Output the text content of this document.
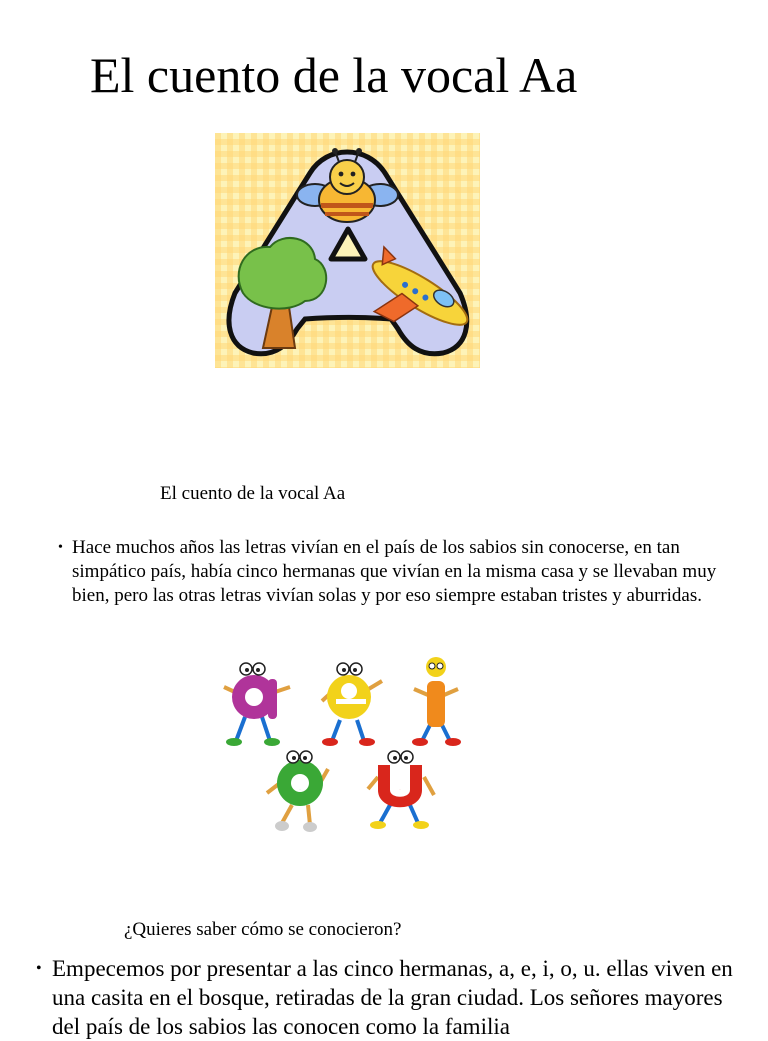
El cuento de la vocal Aa
El cuento de la vocal Aa
• Hace muchos años las letras vivían en el país de los sabios sin conocerse, en tan simpático país, había cinco hermanas que vivían en la misma casa y se llevaban muy bien, pero las otras letras vivían solas y por eso siempre estaban tristes y aburridas.
a	e	i
o	u
¿Quieres saber cómo se conocieron?
• Empecemos por presentar a las cinco hermanas, a, e, i, o, u. ellas viven en una casita en el bosque, retiradas de la gran ciudad. Los señores mayores del país de los sabios las conocen como la familia
